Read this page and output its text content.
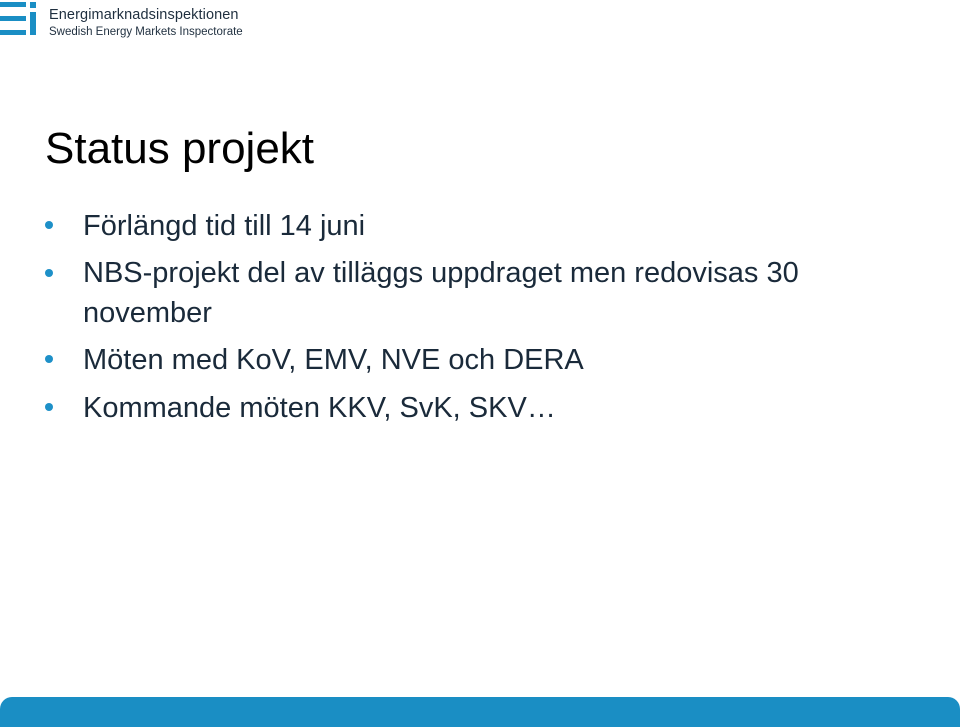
Energimarknadsinspektionen
Swedish Energy Markets Inspectorate
Status projekt
Förlängd tid till 14 juni
NBS-projekt del av tilläggs uppdraget men redovisas 30 november
Möten med KoV, EMV, NVE och DERA
Kommande möten KKV, SvK, SKV…
